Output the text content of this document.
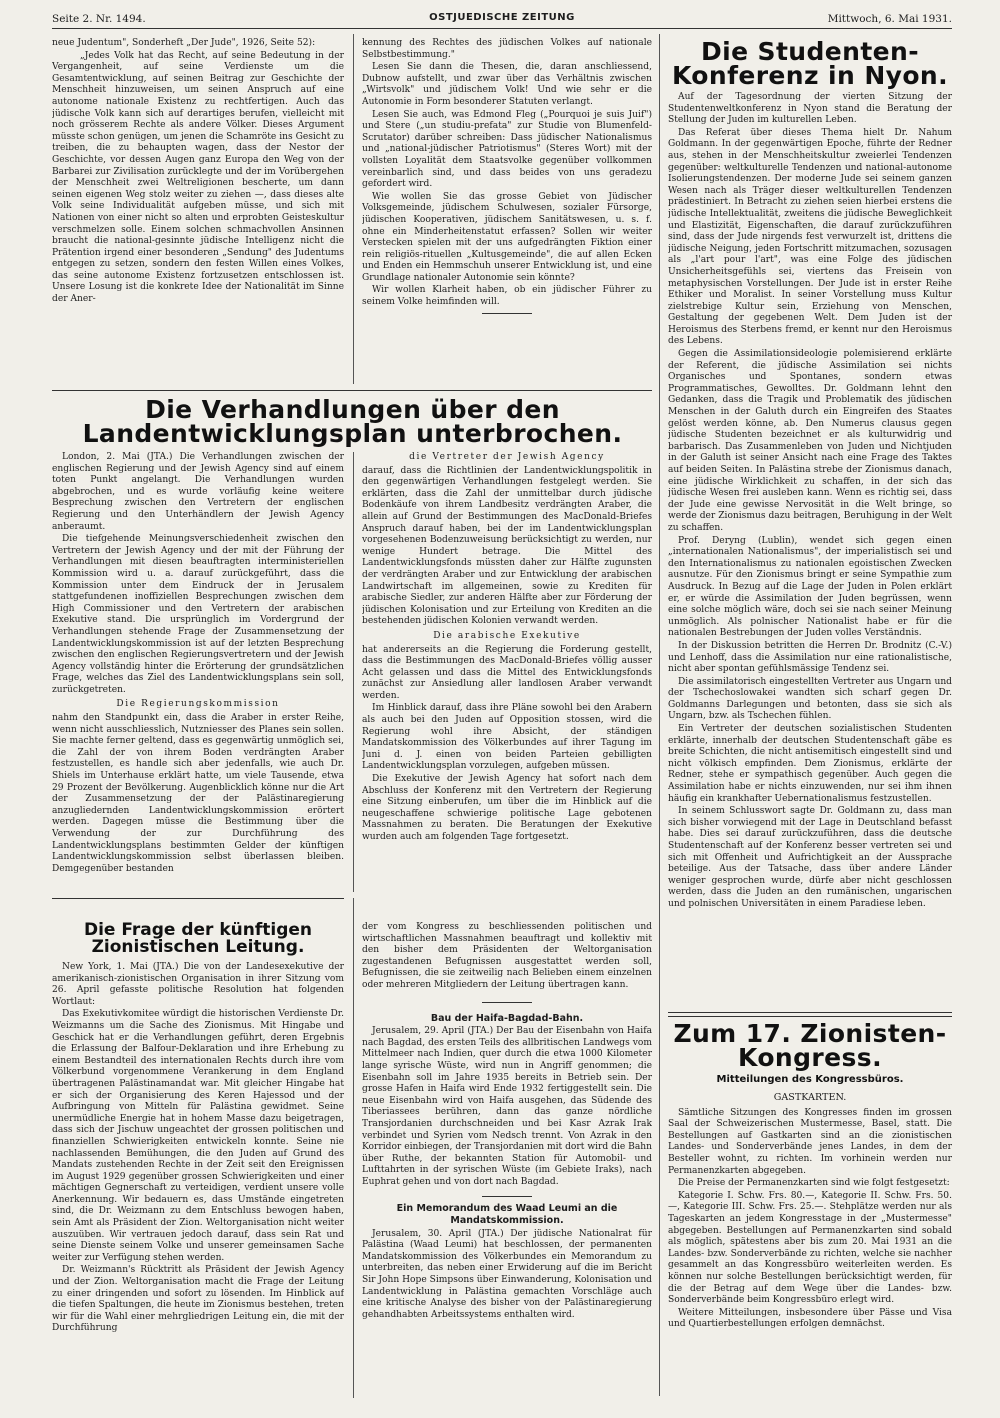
Seite 2. Nr. 1494.	OSTJUEDISCHE ZEITUNG	Mittwoch, 6. Mai 1931.

neue Judentum", Sonderheft „Der Jude", 1926, Seite 52):

„Jedes Volk hat das Recht, auf seine Bedeutung in der Vergangenheit, auf seine Verdienste um die Gesamtentwicklung, auf seinen Beitrag zur Geschichte der Menschheit hinzuweisen, um seinen Anspruch auf eine autonome nationale Existenz zu rechtfertigen. Auch das jüdische Volk kann sich auf derartiges berufen, vielleicht mit noch grösserem Rechte als andere Völker. Dieses Argument müsste schon genügen, um jenen die Schamröte ins Gesicht zu treiben, die zu behaupten wagen, dass der Nestor der Geschichte, vor dessen Augen ganz Europa den Weg von der Barbarei zur Zivilisation zurücklegte und der im Vorübergehen der Menschheit zwei Weltreligionen bescherte, um dann seinen eigenen Weg stolz weiter zu ziehen —, dass dieses alte Volk seine Individualität aufgeben müsse, und sich mit Nationen von einer nicht so alten und erprobten Geisteskultur verschmelzen solle. Einem solchen schmachvollen Ansinnen braucht die national-gesinnte jüdische Intelligenz nicht die Prätention irgend einer besonderen „Sendung" des Judentums entgegen zu setzen, sondern den festen Willen eines Volkes, das seine autonome Existenz fortzusetzen entschlossen ist. Unsere Losung ist die konkrete Idee der Nationalität im Sinne der Aner-

kennung des Rechtes des jüdischen Volkes auf nationale Selbstbestimmung."

Lesen Sie dann die Thesen, die, daran anschliessend, Dubnow aufstellt, und zwar über das Verhältnis zwischen „Wirtsvolk" und jüdischem Volk! Und wie sehr er die Autonomie in Form besonderer Statuten verlangt.

Lesen Sie auch, was Edmond Fleg („Pourquoi je suis Juif") und Stere („un studiu-prefata" zur Studie von Blumenfeld-Scrutator) darüber schreiben: Dass jüdischer Nationalismus und „national-jüdischer Patriotismus" (Steres Wort) mit der vollsten Loyalität dem Staatsvolke gegenüber vollkommen vereinbarlich sind, und dass beides von uns geradezu gefordert wird.

Wie wollen Sie das grosse Gebiet von Jüdischer Volksgemeinde, jüdischem Schulwesen, sozialer Fürsorge, jüdischen Kooperativen, jüdischem Sanitätswesen, u. s. f. ohne ein Minderheitenstatut erfassen? Sollen wir weiter Verstecken spielen mit der uns aufgedrängten Fiktion einer rein religiös-rituellen „Kultusgemeinde", die auf allen Ecken und Enden ein Hemmschuh unserer Entwicklung ist, und eine Grundlage nationaler Autonomie sein könnte?

Wir wollen Klarheit haben, ob ein jüdischer Führer zu seinem Volke heimfinden will.

Die Verhandlungen über den Landentwicklungsplan unterbrochen.

London, 2. Mai (JTA.) Die Verhandlungen zwischen der englischen Regierung und der Jewish Agency sind auf einem toten Punkt angelangt. Die Verhandlungen wurden abgebrochen, und es wurde vorläufig keine weitere Besprechung zwischen den Vertretern der englischen Regierung und den Unterhändlern der Jewish Agency anberaumt.

Die tiefgehende Meinungsverschiedenheit zwischen den Vertretern der Jewish Agency und der mit der Führung der Verhandlungen mit diesen beauftragten interministeriellen Kommission wird u. a. darauf zurückgeführt, dass die Kommission unter dem Eindruck der in Jerusalem stattgefundenen inoffiziellen Besprechungen zwischen dem High Commissioner und den Vertretern der arabischen Exekutive stand. Die ursprünglich im Vordergrund der Verhandlungen stehende Frage der Zusammensetzung der Landentwicklungskommission ist auf der letzten Besprechung zwischen den englischen Regierungsvertretern und der Jewish Agency vollständig hinter die Erörterung der grundsätzlichen Frage, welches das Ziel des Landentwicklungsplans sein soll, zurückgetreten.

Die Regierungskommission

nahm den Standpunkt ein, dass die Araber in erster Reihe, wenn nicht ausschliesslich, Nutzniesser des Planes sein sollen. Sie machte ferner geltend, dass es gegenwärtig unmöglich sei, die Zahl der von ihrem Boden verdrängten Araber festzustellen, es handle sich aber jedenfalls, wie auch Dr. Shiels im Unterhause erklärt hatte, um viele Tausende, etwa 29 Prozent der Bevölkerung. Augenblicklich könne nur die Art der Zusammensetzung der der Palästinaregierung anzugliedernden Landentwicklungskommission erörtert werden. Dagegen müsse die Bestimmung über die Verwendung der zur Durchführung des Landentwicklungsplans bestimmten Gelder der künftigen Landentwicklungskommission selbst überlassen bleiben. Demgegenüber bestanden

die Vertreter der Jewish Agency

darauf, dass die Richtlinien der Landentwicklungspolitik in den gegenwärtigen Verhandlungen festgelegt werden. Sie erklärten, dass die Zahl der unmittelbar durch jüdische Bodenkäufe von ihrem Landbesitz verdrängten Araber, die allein auf Grund der Bestimmungen des MacDonald-Briefes Anspruch darauf haben, bei der im Landentwicklungsplan vorgesehenen Bodenzuweisung berücksichtigt zu werden, nur wenige Hundert betrage. Die Mittel des Landentwicklungsfonds müssten daher zur Hälfte zugunsten der verdrängten Araber und zur Entwicklung der arabischen Landwirtschaft im allgemeinen, sowie zu Krediten für arabische Siedler, zur anderen Hälfte aber zur Förderung der jüdischen Kolonisation und zur Erteilung von Krediten an die bestehenden jüdischen Kolonien verwandt werden.

Die arabische Exekutive

hat andererseits an die Regierung die Forderung gestellt, dass die Bestimmungen des MacDonald-Briefes völlig ausser Acht gelassen und dass die Mittel des Entwicklungsfonds zunächst zur Ansiedlung aller landlosen Araber verwandt werden.

Im Hinblick darauf, dass ihre Pläne sowohl bei den Arabern als auch bei den Juden auf Opposition stossen, wird die Regierung wohl ihre Absicht, der ständigen Mandatskommission des Völkerbundes auf ihrer Tagung im Juni d. J. einen von beiden Parteien gebilligten Landentwicklungsplan vorzulegen, aufgeben müssen.

Die Exekutive der Jewish Agency hat sofort nach dem Abschluss der Konferenz mit den Vertretern der Regierung eine Sitzung einberufen, um über die im Hinblick auf die neugeschaffene schwierige politische Lage gebotenen Massnahmen zu beraten. Die Beratungen der Exekutive wurden auch am folgenden Tage fortgesetzt.

Die Frage der künftigen Zionistischen Leitung.

New York, 1. Mai (JTA.) Die von der Landesexekutive der amerikanisch-zionistischen Organisation in ihrer Sitzung vom 26. April gefasste politische Resolution hat folgenden Wortlaut:

Das Exekutivkomitee würdigt die historischen Verdienste Dr. Weizmanns um die Sache des Zionismus. Mit Hingabe und Geschick hat er die Verhandlungen geführt, deren Ergebnis die Erlassung der Balfour-Deklaration und ihre Erhebung zu einem Bestandteil des internationalen Rechts durch ihre vom Völkerbund vorgenommene Verankerung in dem England übertragenen Palästinamandat war. Mit gleicher Hingabe hat er sich der Organisierung des Keren Hajessod und der Aufbringung von Mitteln für Palästina gewidmet. Seine unermüdliche Energie hat in hohem Masse dazu beigetragen, dass sich der Jischuw ungeachtet der grossen politischen und finanziellen Schwierigkeiten entwickeln konnte. Seine nie nachlassenden Bemühungen, die den Juden auf Grund des Mandats zustehenden Rechte in der Zeit seit den Ereignissen im August 1929 gegenüber grossen Schwierigkeiten und einer mächtigen Gegnerschaft zu verteidigen, verdient unsere volle Anerkennung. Wir bedauern es, dass Umstände eingetreten sind, die Dr. Weizmann zu dem Entschluss bewogen haben, sein Amt als Präsident der Zion. Weltorganisation nicht weiter auszuüben. Wir vertrauen jedoch darauf, dass sein Rat und seine Dienste seinem Volke und unserer gemeinsamen Sache weiter zur Verfügung stehen werden.

Dr. Weizmann's Rücktritt als Präsident der Jewish Agency und der Zion. Weltorganisation macht die Frage der Leitung zu einer dringenden und sofort zu lösenden. Im Hinblick auf die tiefen Spaltungen, die heute im Zionismus bestehen, treten wir für die Wahl einer mehrgliedrigen Leitung ein, die mit der Durchführung

der vom Kongress zu beschliessenden politischen und wirtschaftlichen Massnahmen beauftragt und kollektiv mit den bisher dem Präsidenten der Weltorganisation zugestandenen Befugnissen ausgestattet werden soll, Befugnissen, die sie zeitweilig nach Belieben einem einzelnen oder mehreren Mitgliedern der Leitung übertragen kann.

Bau der Haifa-Bagdad-Bahn.

Jerusalem, 29. April (JTA.) Der Bau der Eisenbahn von Haifa nach Bagdad, des ersten Teils des allbritischen Landwegs vom Mittelmeer nach Indien, quer durch die etwa 1000 Kilometer lange syrische Wüste, wird nun in Angriff genommen; die Eisenbahn soll im Jahre 1935 bereits in Betrieb sein. Der grosse Hafen in Haifa wird Ende 1932 fertiggestellt sein. Die neue Eisenbahn wird von Haifa ausgehen, das Südende des Tiberiassees berühren, dann das ganze nördliche Transjordanien durchschneiden und bei Kasr Azrak Irak verbindet und Syrien vom Nedsch trennt. Von Azrak in den Korridor einbiegen, der Transjordanien mit dort wird die Bahn über Ruthe, der bekannten Station für Automobil- und Lufttahrten in der syrischen Wüste (im Gebiete Iraks), nach Euphrat gehen und von dort nach Bagdad.

Ein Memorandum des Waad Leumi an die Mandatskommission.

Jerusalem, 30. April (JTA.) Der jüdische Nationalrat für Palästina (Waad Leumi) hat beschlossen, der permanenten Mandatskommission des Völkerbundes ein Memorandum zu unterbreiten, das neben einer Erwiderung auf die im Bericht Sir John Hope Simpsons über Einwanderung, Kolonisation und Landentwicklung in Palästina gemachten Vorschläge auch eine kritische Analyse des bisher von der Palästinaregierung gehandhabten Arbeitssystems enthalten wird.

Die Studenten-Konferenz in Nyon.

Auf der Tagesordnung der vierten Sitzung der Studentenweltkonferenz in Nyon stand die Beratung der Stellung der Juden im kulturellen Leben.

Das Referat über dieses Thema hielt Dr. Nahum Goldmann. In der gegenwärtigen Epoche, führte der Redner aus, stehen in der Menschheitskultur zweierlei Tendenzen gegenüber: weltkulturelle Tendenzen und national-autonome Isolierungstendenzen. Der moderne Jude sei seinem ganzen Wesen nach als Träger dieser weltkulturellen Tendenzen prädestiniert. In Betracht zu ziehen seien hierbei erstens die jüdische Intellektualität, zweitens die jüdische Beweglichkeit und Elastizität, Eigenschaften, die darauf zurückzuführen sind, dass der Jude nirgends fest verwurzelt ist, drittens die jüdische Neigung, jeden Fortschritt mitzumachen, sozusagen als „l'art pour l'art", was eine Folge des jüdischen Unsicherheitsgefühls sei, viertens das Freisein von metaphysischen Vorstellungen. Der Jude ist in erster Reihe Ethiker und Moralist. In seiner Vorstellung muss Kultur zielstrebige Kultur sein, Erziehung von Menschen, Gestaltung der gegebenen Welt. Dem Juden ist der Heroismus des Sterbens fremd, er kennt nur den Heroismus des Lebens.

Gegen die Assimilationsideologie polemisierend erklärte der Referent, die jüdische Assimilation sei nichts Organisches und Spontanes, sondern etwas Programmatisches, Gewolltes. Dr. Goldmann lehnt den Gedanken, dass die Tragik und Problematik des jüdischen Menschen in der Galuth durch ein Eingreifen des Staates gelöst werden könne, ab. Den Numerus clausus gegen jüdische Studenten bezeichnet er als kulturwidrig und barbarisch. Das Zusammenleben von Juden und Nichtjuden in der Galuth ist seiner Ansicht nach eine Frage des Taktes auf beiden Seiten. In Palästina strebe der Zionismus danach, eine jüdische Wirklichkeit zu schaffen, in der sich das jüdische Wesen frei ausleben kann. Wenn es richtig sei, dass der Jude eine gewisse Nervosität in die Welt bringe, so werde der Zionismus dazu beitragen, Beruhigung in der Welt zu schaffen.

Prof. Deryng (Lublin), wendet sich gegen einen „internationalen Nationalismus", der imperialistisch sei und den Internationalismus zu nationalen egoistischen Zwecken ausnutze. Für den Zionismus bringt er seine Sympathie zum Ausdruck. In Bezug auf die Lage der Juden in Polen erklärt er, er würde die Assimilation der Juden begrüssen, wenn eine solche möglich wäre, doch sei sie nach seiner Meinung unmöglich. Als polnischer Nationalist habe er für die nationalen Bestrebungen der Juden volles Verständnis.

In der Diskussion betritten die Herren Dr. Brodnitz (C.-V.) und Lenhoff, dass die Assimilation nur eine rationalistische, nicht aber spontan gefühlsmässige Tendenz sei.

Die assimilatorisch eingestellten Vertreter aus Ungarn und der Tschechoslowakei wandten sich scharf gegen Dr. Goldmanns Darlegungen und betonten, dass sie sich als Ungarn, bzw. als Tschechen fühlen.

Ein Vertreter der deutschen sozialistischen Studenten erklärte, innerhalb der deutschen Studentenschaft gäbe es breite Schichten, die nicht antisemitisch eingestellt sind und nicht völkisch empfinden. Dem Zionismus, erklärte der Redner, stehe er sympathisch gegenüber. Auch gegen die Assimilation habe er nichts einzuwenden, nur sei ihm ihnen häufig ein krankhafter Uebernationalismus festzustellen.

In seinem Schlusswort sagte Dr. Goldmann zu, dass man sich bisher vorwiegend mit der Lage in Deutschland befasst habe. Dies sei darauf zurückzuführen, dass die deutsche Studentenschaft auf der Konferenz besser vertreten sei und sich mit Offenheit und Aufrichtigkeit an der Aussprache beteilige. Aus der Tatsache, dass über andere Länder weniger gesprochen wurde, dürfe aber nicht geschlossen werden, dass die Juden an den rumänischen, ungarischen und polnischen Universitäten in einem Paradiese leben.

Zum 17. Zionisten-Kongress.
Mitteilungen des Kongressbüros.
GASTKARTEN.

Sämtliche Sitzungen des Kongresses finden im grossen Saal der Schweizerischen Mustermesse, Basel, statt. Die Bestellungen auf Gastkarten sind an die zionistischen Landes- und Sonderverbände jenes Landes, in dem der Besteller wohnt, zu richten. Im vorhinein werden nur Permanenzkarten abgegeben.

Die Preise der Permanenzkarten sind wie folgt festgesetzt:

Kategorie I. Schw. Frs. 80.—, Kategorie II. Schw. Frs. 50.—, Kategorie III. Schw. Frs. 25.—. Stehplätze werden nur als Tageskarten an jedem Kongresstage in der „Mustermesse" abgegeben. Bestellungen auf Permanenzkarten sind sobald als möglich, spätestens aber bis zum 20. Mai 1931 an die Landes- bzw. Sonderverbände zu richten, welche sie nachher gesammelt an das Kongressbüro weiterleiten werden. Es können nur solche Bestellungen berücksichtigt werden, für die der Betrag auf dem Wege über die Landes- bzw. Sonderverbände beim Kongressbüro erlegt wird.

Weitere Mitteilungen, insbesondere über Pässe und Visa und Quartierbestellungen erfolgen demnächst.
